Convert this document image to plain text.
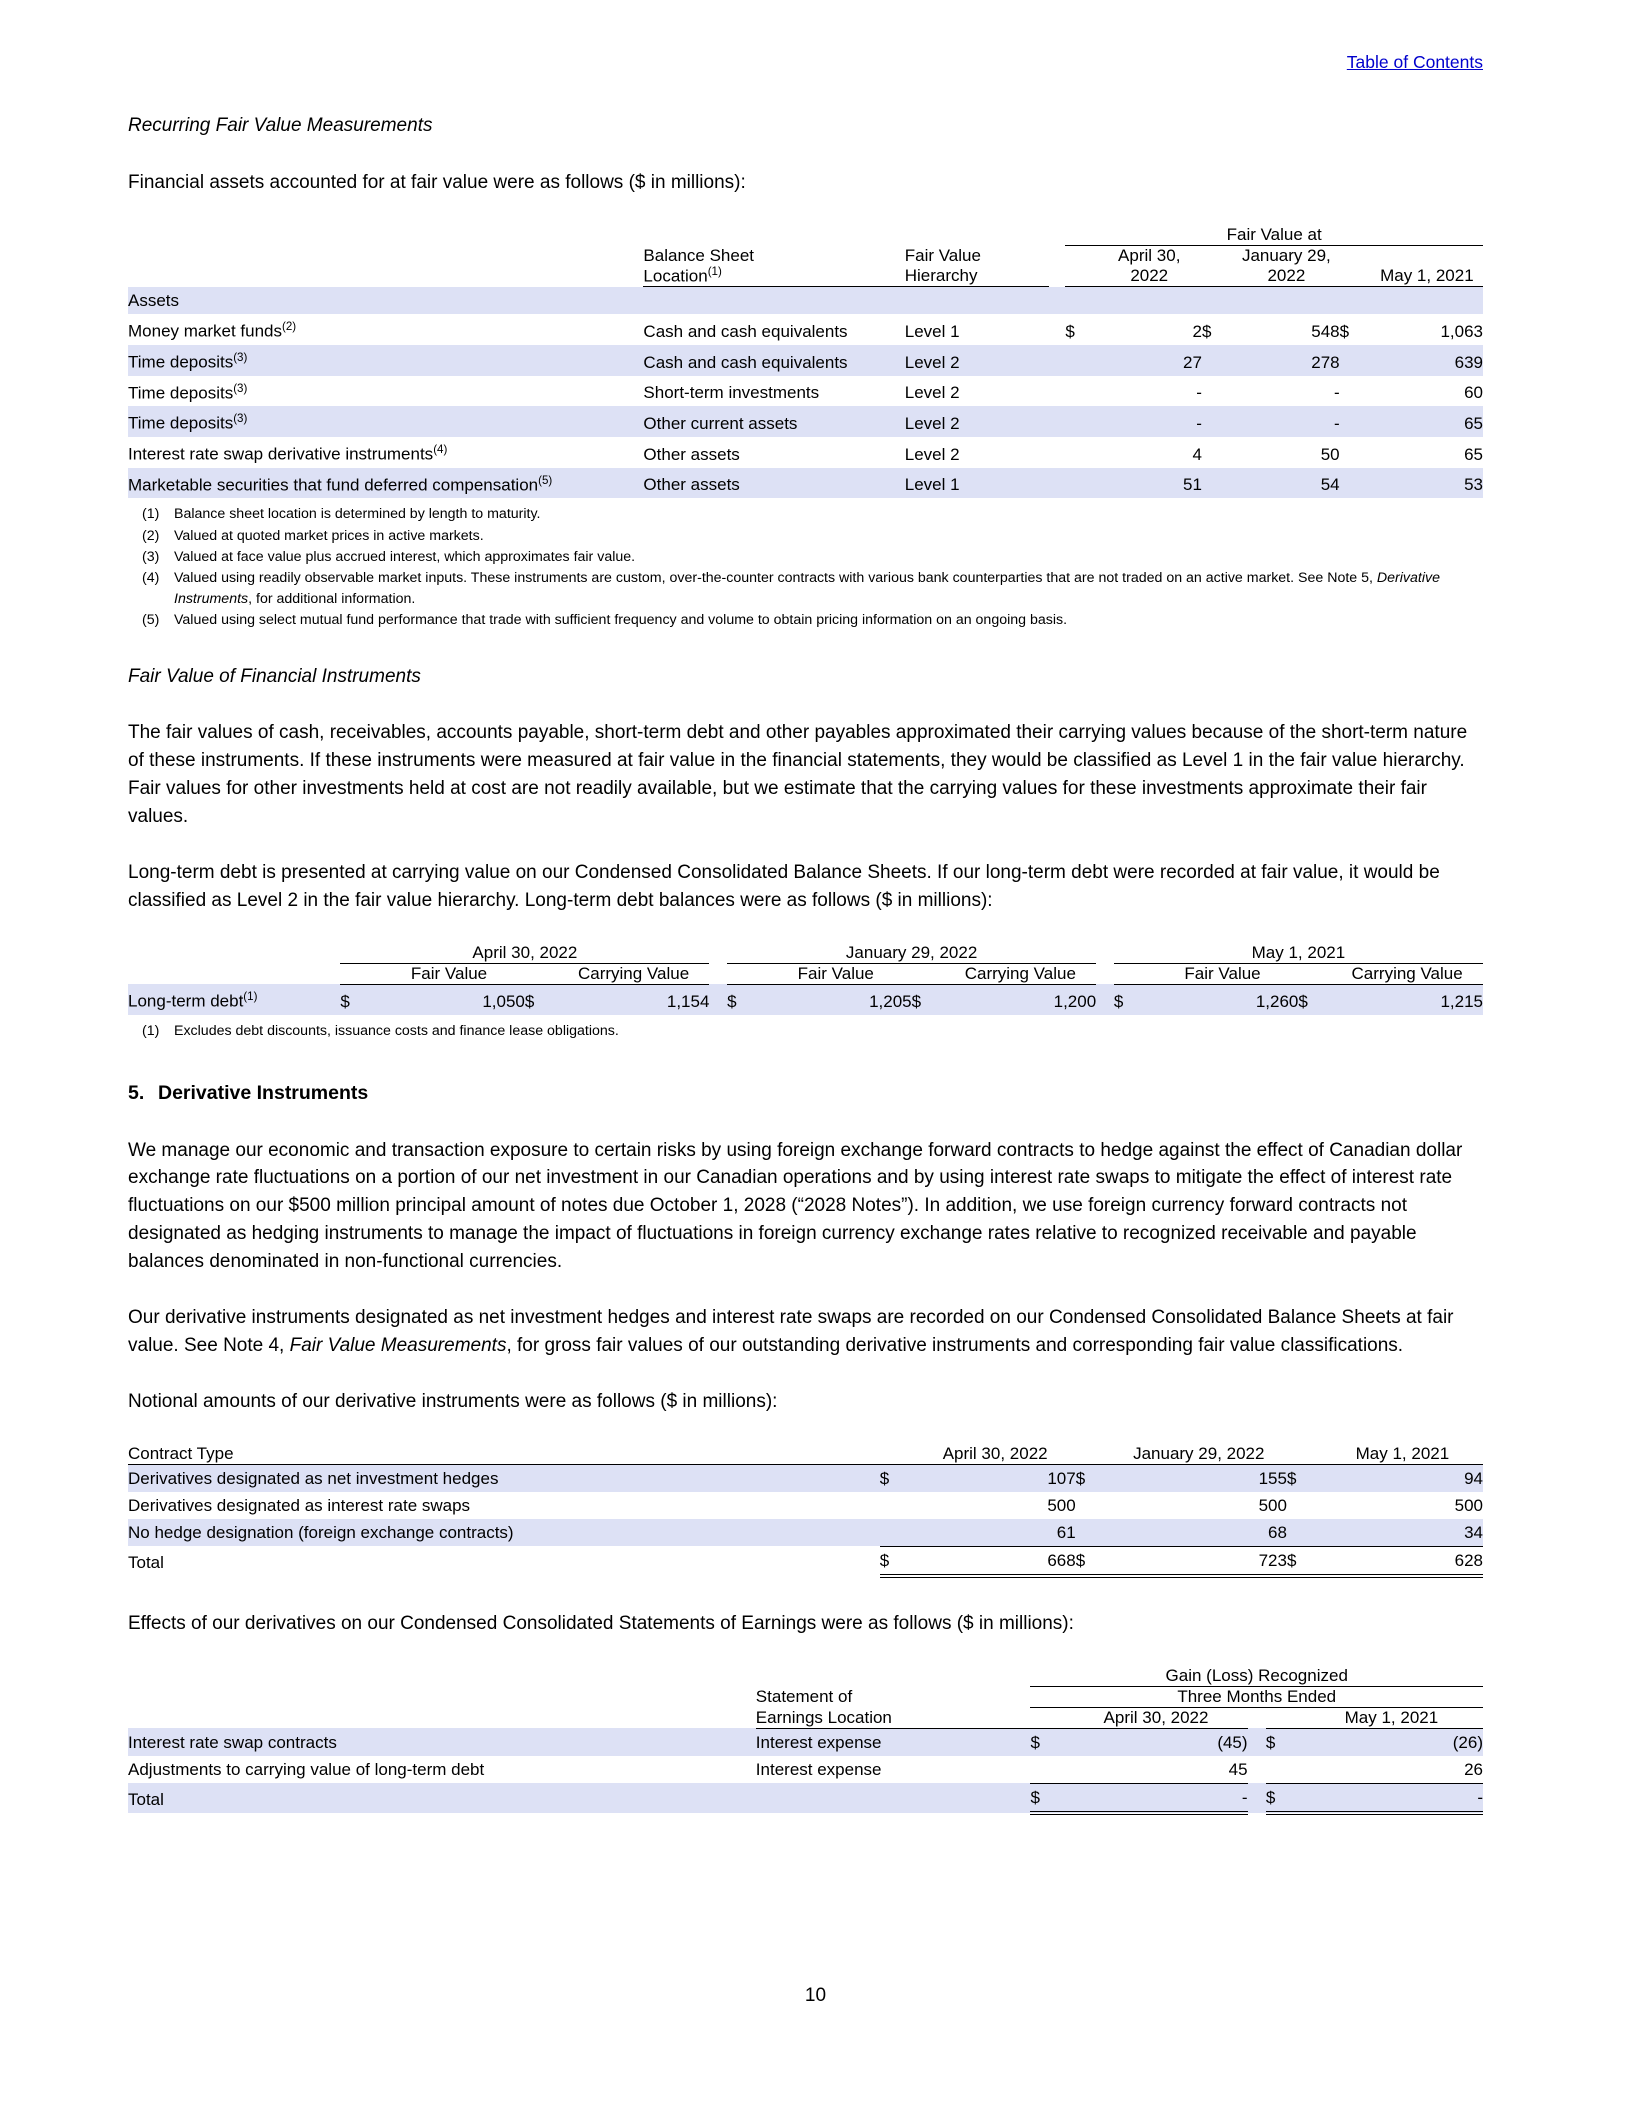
Table of Contents
Recurring Fair Value Measurements

Financial assets accounted for at fair value were as follows ($ in millions):

				Fair Value at					
	Balance Sheet	Fair Value			April 30,		January 29,		
	Location$^{(1)}$	Hierarchy			2022		2022		May 1, 2021
Assets									
Money market funds$^{(2)}$	Cash and cash equivalents	Level 1		$	2	$	548	$	1,063
Time deposits$^{(3)}$	Cash and cash equivalents	Level 2			27		278		639
Time deposits$^{(3)}$	Short-term investments	Level 2			-		-		60
Time deposits$^{(3)}$	Other current assets	Level 2			-		-		65
Interest rate swap derivative instruments$^{(4)}$	Other assets	Level 2			4		50		65
Marketable securities that fund deferred compensation$^{(5)}$	Other assets	Level 1			51		54		53
(1)	Balance sheet location is determined by length to maturity.
(2)	Valued at quoted market prices in active markets.
(3)	Valued at face value plus accrued interest, which approximates fair value.
(4)	Valued using readily observable market inputs. These instruments are custom, over-the-counter contracts with various bank counterparties that are not traded on an active market. See Note 5, Derivative Instruments, for additional information.
(5)	Valued using select mutual fund performance that trade with sufficient frequency and volume to obtain pricing information on an ongoing basis.
Fair Value of Financial Instruments

The fair values of cash, receivables, accounts payable, short-term debt and other payables approximated their carrying values because of the short-term nature of these instruments. If these instruments were measured at fair value in the financial statements, they would be classified as Level 1 in the fair value hierarchy. Fair values for other investments held at cost are not readily available, but we estimate that the carrying values for these investments approximate their fair values.

Long-term debt is presented at carrying value on our Condensed Consolidated Balance Sheets. If our long-term debt were recorded at fair value, it would be classified as Level 2 in the fair value hierarchy. Long-term debt balances were as follows ($ in millions):

	April 30, 2022					January 29, 2022					May 1, 2021			
		Fair Value		Carrying Value			Fair Value		Carrying Value			Fair Value		Carrying Value
Long-term debt$^{(1)}$	$	1,050	$	1,154		$	1,205	$	1,200		$	1,260	$	1,215
(1)	Excludes debt discounts, issuance costs and finance lease obligations.
5. Derivative Instruments

We manage our economic and transaction exposure to certain risks by using foreign exchange forward contracts to hedge against the effect of Canadian dollar exchange rate fluctuations on a portion of our net investment in our Canadian operations and by using interest rate swaps to mitigate the effect of interest rate fluctuations on our $500 million principal amount of notes due October 1, 2028 (“2028 Notes”). In addition, we use foreign currency forward contracts not designated as hedging instruments to manage the impact of fluctuations in foreign currency exchange rates relative to recognized receivable and payable balances denominated in non-functional currencies.

Our derivative instruments designated as net investment hedges and interest rate swaps are recorded on our Condensed Consolidated Balance Sheets at fair value. See Note 4, Fair Value Measurements, for gross fair values of our outstanding derivative instruments and corresponding fair value classifications.

Notional amounts of our derivative instruments were as follows ($ in millions):

Contract Type		April 30, 2022		January 29, 2022		May 1, 2021
Derivatives designated as net investment hedges	$	107	$	155	$	94
Derivatives designated as interest rate swaps		500		500		500
No hedge designation (foreign exchange contracts)		61		68		34
Total	$	668	$	723	$	628

Effects of our derivatives on our Condensed Consolidated Statements of Earnings were as follows ($ in millions):

		Gain (Loss) Recognized				
	Statement of	Three Months Ended				
	Earnings Location		April 30, 2022			May 1, 2021
Interest rate swap contracts	Interest expense	$	(45)		$	(26)
Adjustments to carrying value of long-term debt	Interest expense		45			26
Total		$	-		$	-
10
